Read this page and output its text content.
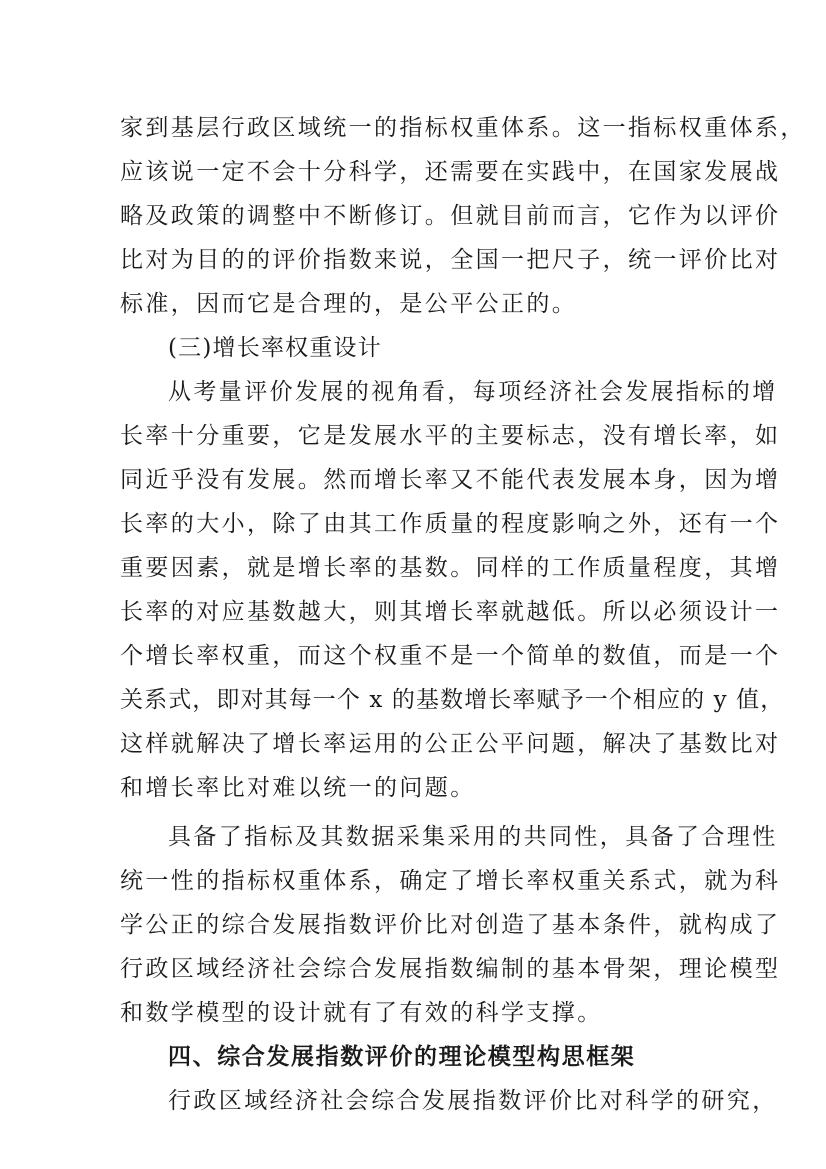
家到基层行政区域统一的指标权重体系。这一指标权重体系，
应该说一定不会十分科学，还需要在实践中，在国家发展战
略及政策的调整中不断修订。但就目前而言，它作为以评价
比对为目的的评价指数来说，全国一把尺子，统一评价比对
标准，因而它是合理的，是公平公正的。
(三)增长率权重设计
从考量评价发展的视角看，每项经济社会发展指标的增
长率十分重要，它是发展水平的主要标志，没有增长率，如
同近乎没有发展。然而增长率又不能代表发展本身，因为增
长率的大小，除了由其工作质量的程度影响之外，还有一个
重要因素，就是增长率的基数。同样的工作质量程度，其增
长率的对应基数越大，则其增长率就越低。所以必须设计一
个增长率权重，而这个权重不是一个简单的数值，而是一个
关系式，即对其每一个 x 的基数增长率赋予一个相应的 y 值，
这样就解决了增长率运用的公正公平问题，解决了基数比对
和增长率比对难以统一的问题。
具备了指标及其数据采集采用的共同性，具备了合理性
统一性的指标权重体系，确定了增长率权重关系式，就为科
学公正的综合发展指数评价比对创造了基本条件，就构成了
行政区域经济社会综合发展指数编制的基本骨架，理论模型
和数学模型的设计就有了有效的科学支撑。
四、综合发展指数评价的理论模型构思框架
行政区域经济社会综合发展指数评价比对科学的研究，
